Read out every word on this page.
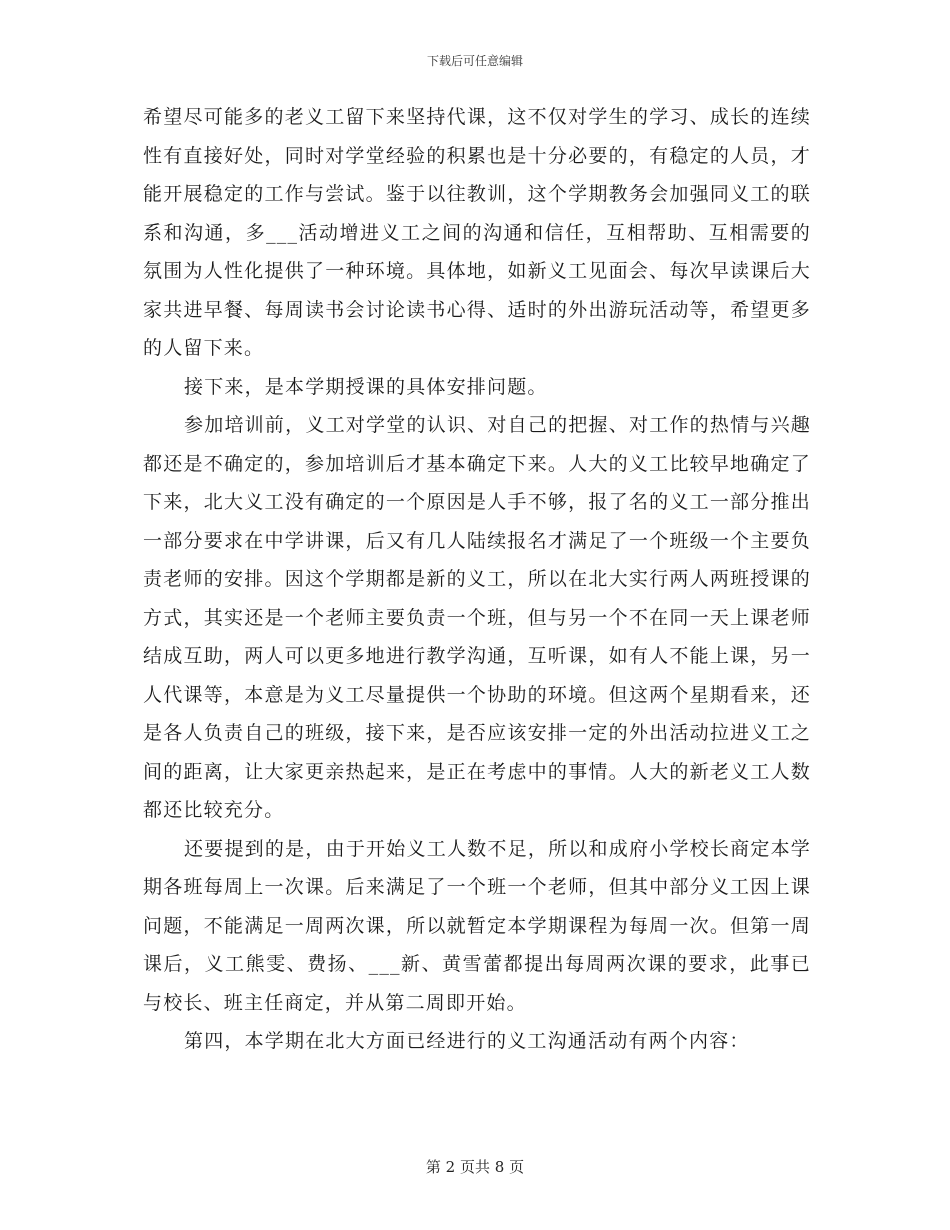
下载后可任意编辑

希望尽可能多的老义工留下来坚持代课，这不仅对学生的学习、成长的连续性有直接好处，同时对学堂经验的积累也是十分必要的，有稳定的人员，才能开展稳定的工作与尝试。鉴于以往教训，这个学期教务会加强同义工的联系和沟通，多___活动增进义工之间的沟通和信任，互相帮助、互相需要的氛围为人性化提供了一种环境。具体地，如新义工见面会、每次早读课后大家共进早餐、每周读书会讨论读书心得、适时的外出游玩活动等，希望更多的人留下来。

接下来，是本学期授课的具体安排问题。

参加培训前，义工对学堂的认识、对自己的把握、对工作的热情与兴趣都还是不确定的，参加培训后才基本确定下来。人大的义工比较早地确定了下来，北大义工没有确定的一个原因是人手不够，报了名的义工一部分推出一部分要求在中学讲课，后又有几人陆续报名才满足了一个班级一个主要负责老师的安排。因这个学期都是新的义工，所以在北大实行两人两班授课的方式，其实还是一个老师主要负责一个班，但与另一个不在同一天上课老师结成互助，两人可以更多地进行教学沟通，互听课，如有人不能上课，另一人代课等，本意是为义工尽量提供一个协助的环境。但这两个星期看来，还是各人负责自己的班级，接下来，是否应该安排一定的外出活动拉进义工之间的距离，让大家更亲热起来，是正在考虑中的事情。人大的新老义工人数都还比较充分。

还要提到的是，由于开始义工人数不足，所以和成府小学校长商定本学期各班每周上一次课。后来满足了一个班一个老师，但其中部分义工因上课问题，不能满足一周两次课，所以就暂定本学期课程为每周一次。但第一周课后，义工熊雯、费扬、___新、黄雪蕾都提出每周两次课的要求，此事已与校长、班主任商定，并从第二周即开始。

第四，本学期在北大方面已经进行的义工沟通活动有两个内容：

第 2 页共 8 页
